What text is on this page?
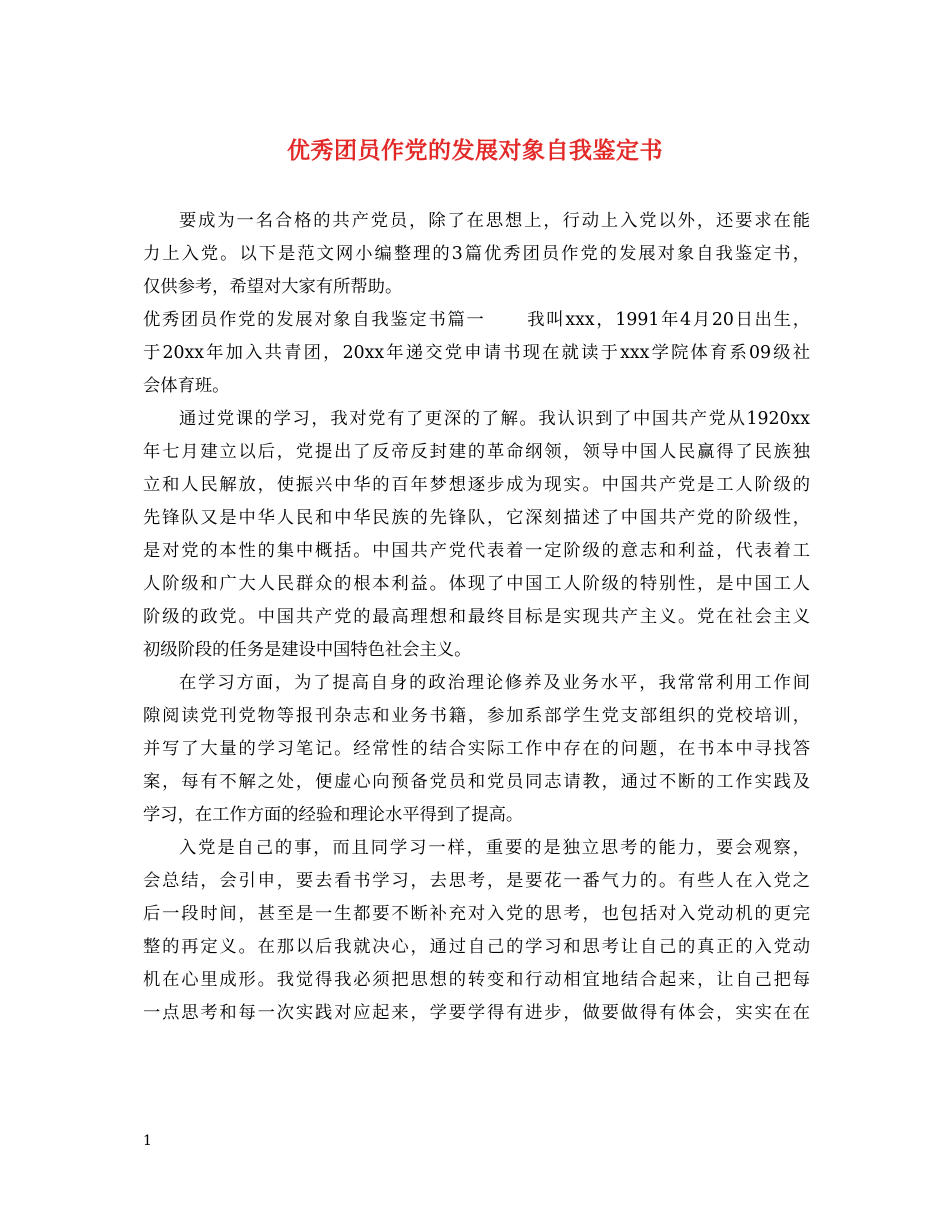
优秀团员作党的发展对象自我鉴定书
要成为一名合格的共产党员，除了在思想上，行动上入党以外，还要求在能
力上入党。以下是范文网小编整理的3篇优秀团员作党的发展对象自我鉴定书，
仅供参考，希望对大家有所帮助。
优秀团员作党的发展对象自我鉴定书篇一 我叫xxx，1991年4月20日出生，
于20xx年加入共青团，20xx年递交党申请书现在就读于xxx学院体育系09级社
会体育班。
通过党课的学习，我对党有了更深的了解。我认识到了中国共产党从1920xx
年七月建立以后，党提出了反帝反封建的革命纲领，领导中国人民赢得了民族独
立和人民解放，使振兴中华的百年梦想逐步成为现实。中国共产党是工人阶级的
先锋队又是中华人民和中华民族的先锋队，它深刻描述了中国共产党的阶级性，
是对党的本性的集中概括。中国共产党代表着一定阶级的意志和利益，代表着工
人阶级和广大人民群众的根本利益。体现了中国工人阶级的特别性，是中国工人
阶级的政党。中国共产党的最高理想和最终目标是实现共产主义。党在社会主义
初级阶段的任务是建设中国特色社会主义。
在学习方面，为了提高自身的政治理论修养及业务水平，我常常利用工作间
隙阅读党刊党物等报刊杂志和业务书籍，参加系部学生党支部组织的党校培训，
并写了大量的学习笔记。经常性的结合实际工作中存在的问题，在书本中寻找答
案，每有不解之处，便虚心向预备党员和党员同志请教，通过不断的工作实践及
学习，在工作方面的经验和理论水平得到了提高。
入党是自己的事，而且同学习一样，重要的是独立思考的能力，要会观察，
会总结，会引申，要去看书学习，去思考，是要花一番气力的。有些人在入党之
后一段时间，甚至是一生都要不断补充对入党的思考，也包括对入党动机的更完
整的再定义。在那以后我就决心，通过自己的学习和思考让自己的真正的入党动
机在心里成形。我觉得我必须把思想的转变和行动相宜地结合起来，让自己把每
一点思考和每一次实践对应起来，学要学得有进步，做要做得有体会，实实在在
1
